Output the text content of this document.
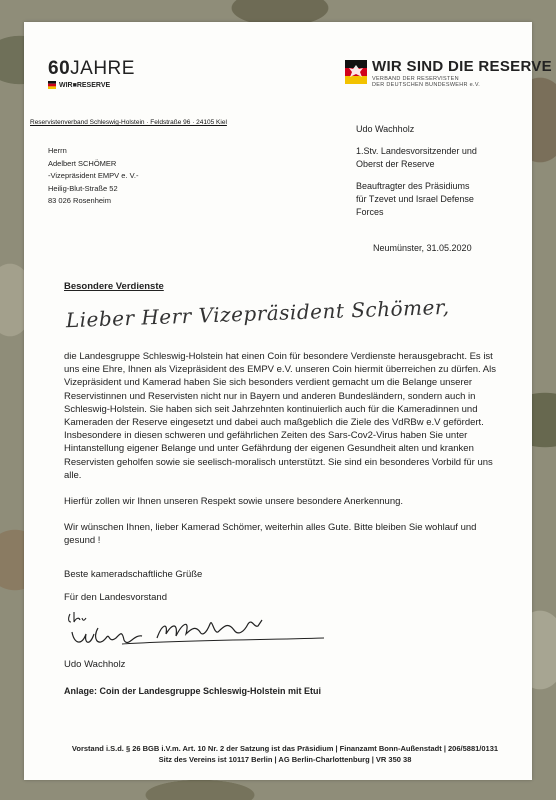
60JAHRE
WIR■RESERVE
WIR SIND DIE RESERVE
VERBAND DER RESERVISTEN
DER DEUTSCHEN BUNDESWEHR e.V.
Reservistenverband Schleswig-Holstein · Feldstraße 96 · 24105 Kiel
Herrn
Adelbert SCHÖMER
-Vizepräsident EMPV e. V.-
Heilig-Blut-Straße 52
83 026 Rosenheim
Udo Wachholz
1.Stv. Landesvorsitzender und
Oberst der Reserve
Beauftragter des Präsidiums
für Tzevet und Israel Defense
Forces
Neumünster, 31.05.2020
Besondere Verdienste
Lieber Herr Vizepräsident Schömer,

die Landesgruppe Schleswig-Holstein hat einen Coin für besondere Verdienste herausgebracht. Es ist uns eine Ehre, Ihnen als Vizepräsident des EMPV e.V. unseren Coin hiermit überreichen zu dürfen. Als Vizepräsident und Kamerad haben Sie sich besonders verdient gemacht um die Belange unserer Reservistinnen und Reservisten nicht nur in Bayern und anderen Bundesländern, sondern auch in Schleswig-Holstein. Sie haben sich seit Jahrzehnten kontinuierlich auch für die Kameradinnen und Kameraden der Reserve eingesetzt und dabei auch maßgeblich die Ziele des VdRBw e.V gefördert. Insbesondere in diesen schweren und gefährlichen Zeiten des Sars-Cov2-Virus haben Sie unter Hintanstellung eigener Belange und unter Gefährdung der eigenen Gesundheit alten und kranken Reservisten geholfen sowie sie seelisch-moralisch unterstützt. Sie sind ein besonderes Vorbild für uns alle.

Hierfür zollen wir Ihnen unseren Respekt sowie unsere besondere Anerkennung.

Wir wünschen Ihnen, lieber Kamerad Schömer, weiterhin alles Gute. Bitte bleiben Sie wohlauf und gesund !

Beste kameradschaftliche Grüße
Für den Landesvorstand
Udo Wachholz
Anlage: Coin der Landesgruppe Schleswig-Holstein mit Etui
Vorstand i.S.d. § 26 BGB i.V.m. Art. 10 Nr. 2 der Satzung ist das Präsidium | Finanzamt Bonn-Außenstadt | 206/5881/0131
Sitz des Vereins ist 10117 Berlin | AG Berlin-Charlottenburg | VR 350 38
